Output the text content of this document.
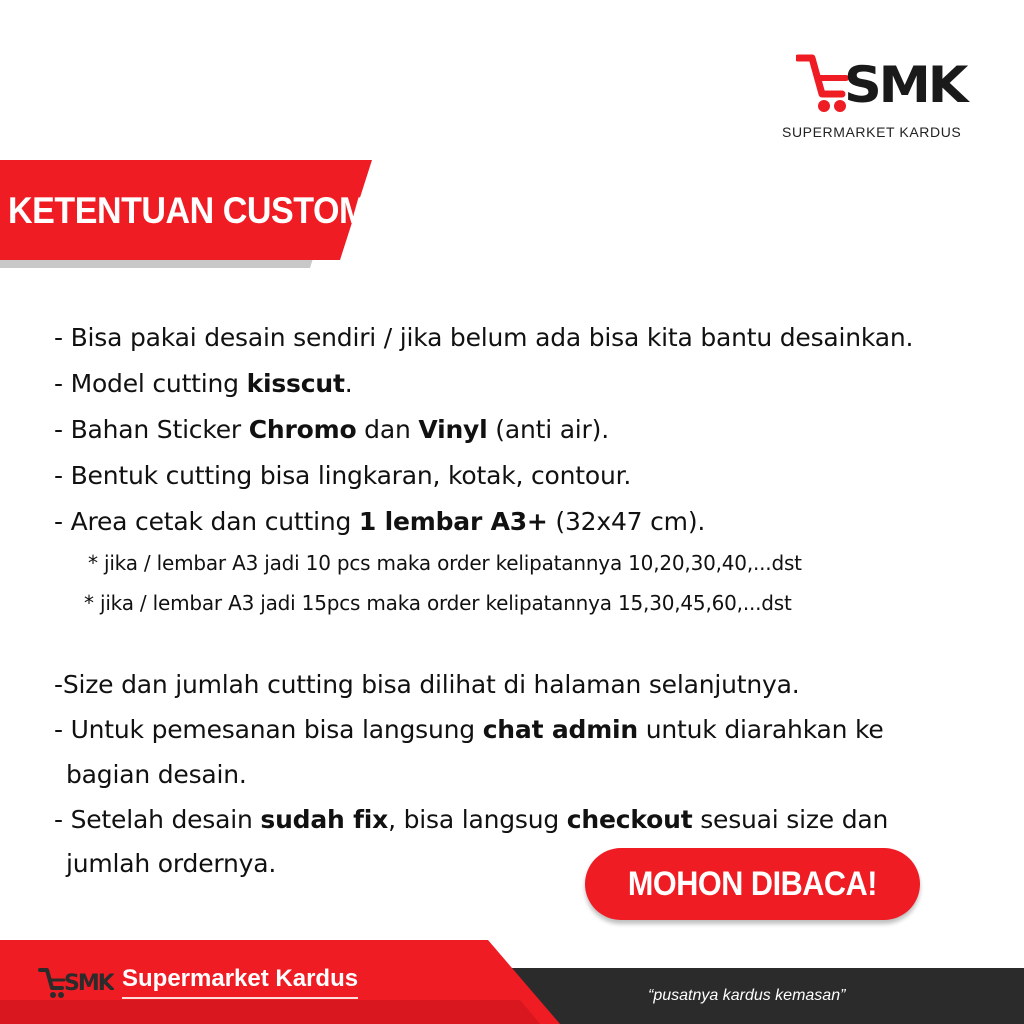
SMK
SUPERMARKET KARDUS
KETENTUAN CUSTOM
- Bisa pakai desain sendiri / jika belum ada bisa kita bantu desainkan.
- Model cutting kisscut.
- Bahan Sticker Chromo dan Vinyl (anti air).
- Bentuk cutting bisa lingkaran, kotak, contour.
- Area cetak dan cutting 1 lembar A3+ (32x47 cm).
* jika / lembar A3 jadi 10 pcs maka order kelipatannya 10,20,30,40,...dst
* jika / lembar A3 jadi 15pcs maka order kelipatannya 15,30,45,60,...dst
-Size dan jumlah cutting bisa dilihat di halaman selanjutnya.
- Untuk pemesanan bisa langsung chat admin untuk diarahkan ke
bagian desain.
- Setelah desain sudah fix, bisa langsug checkout sesuai size dan
jumlah ordernya.
MOHON DIBACA!
SMK Supermarket Kardus
“pusatnya kardus kemasan”
